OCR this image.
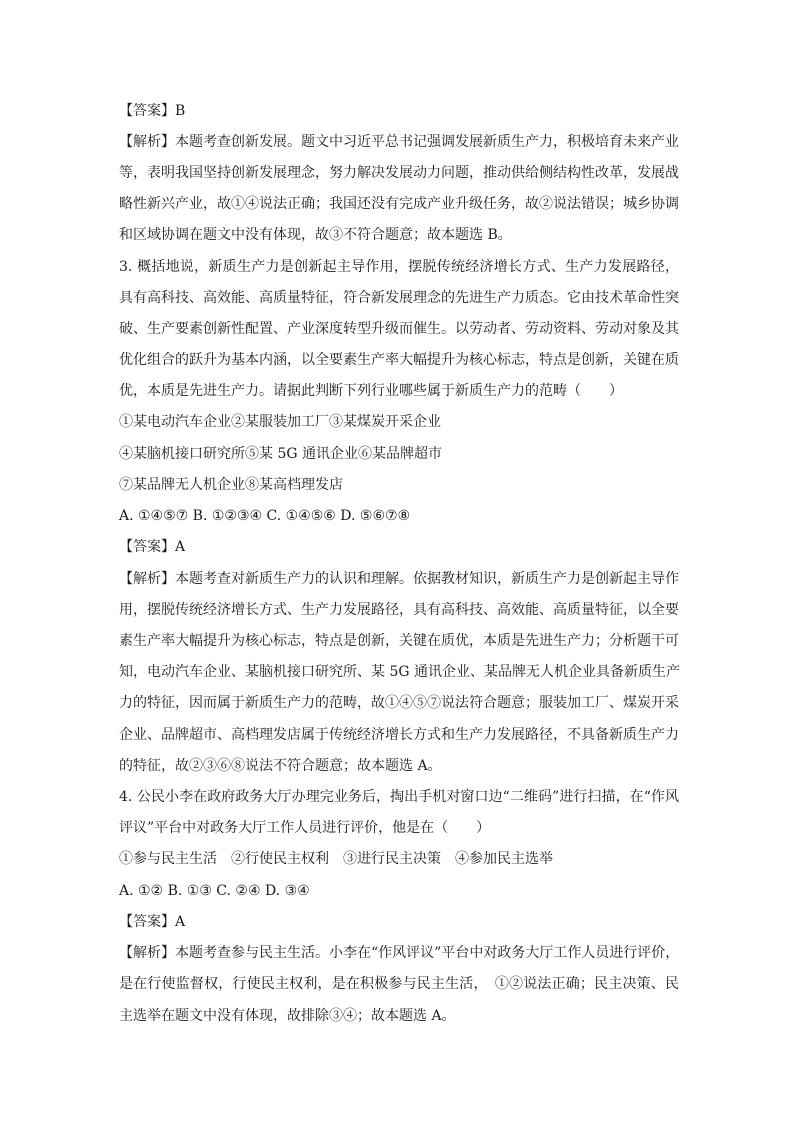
【答案】B
【解析】本题考查创新发展。题文中习近平总书记强调发展新质生产力，积极培育未来产业
等，表明我国坚持创新发展理念，努力解决发展动力问题，推动供给侧结构性改革，发展战
略性新兴产业，故①④说法正确；我国还没有完成产业升级任务，故②说法错误；城乡协调
和区域协调在题文中没有体现，故③不符合题意；故本题选 B。
3. 概括地说，新质生产力是创新起主导作用，摆脱传统经济增长方式、生产力发展路径，
具有高科技、高效能、高质量特征，符合新发展理念的先进生产力质态。它由技术革命性突
破、生产要素创新性配置、产业深度转型升级而催生。以劳动者、劳动资料、劳动对象及其
优化组合的跃升为基本内涵，以全要素生产率大幅提升为核心标志，特点是创新，关键在质
优，本质是先进生产力。请据此判断下列行业哪些属于新质生产力的范畴（　　）
①某电动汽车企业②某服装加工厂③某煤炭开采企业
④某脑机接口研究所⑤某 5G 通讯企业⑥某品牌超市
⑦某品牌无人机企业⑧某高档理发店
A. ①④⑤⑦ B. ①②③④ C. ①④⑤⑥ D. ⑤⑥⑦⑧
【答案】A
【解析】本题考查对新质生产力的认识和理解。依据教材知识，新质生产力是创新起主导作
用，摆脱传统经济增长方式、生产力发展路径，具有高科技、高效能、高质量特征，以全要
素生产率大幅提升为核心标志，特点是创新，关键在质优，本质是先进生产力；分析题干可
知，电动汽车企业、某脑机接口研究所、某 5G 通讯企业、某品牌无人机企业具备新质生产
力的特征，因而属于新质生产力的范畴，故①④⑤⑦说法符合题意；服装加工厂、煤炭开采
企业、品牌超市、高档理发店属于传统经济增长方式和生产力发展路径，不具备新质生产力
的特征，故②③⑥⑧说法不符合题意；故本题选 A。
4. 公民小李在政府政务大厅办理完业务后，掏出手机对窗口边“二维码”进行扫描，在“作风
评议”平台中对政务大厅工作人员进行评价，他是在（　　）
①参与民主生活　②行使民主权利　③进行民主决策　④参加民主选举
A. ①② B. ①③ C. ②④ D. ③④
【答案】A
【解析】本题考查参与民主生活。小李在“作风评议”平台中对政务大厅工作人员进行评价，
是在行使监督权，行使民主权利，是在积极参与民主生活，　①②说法正确；民主决策、民
主选举在题文中没有体现，故排除③④；故本题选 A。
